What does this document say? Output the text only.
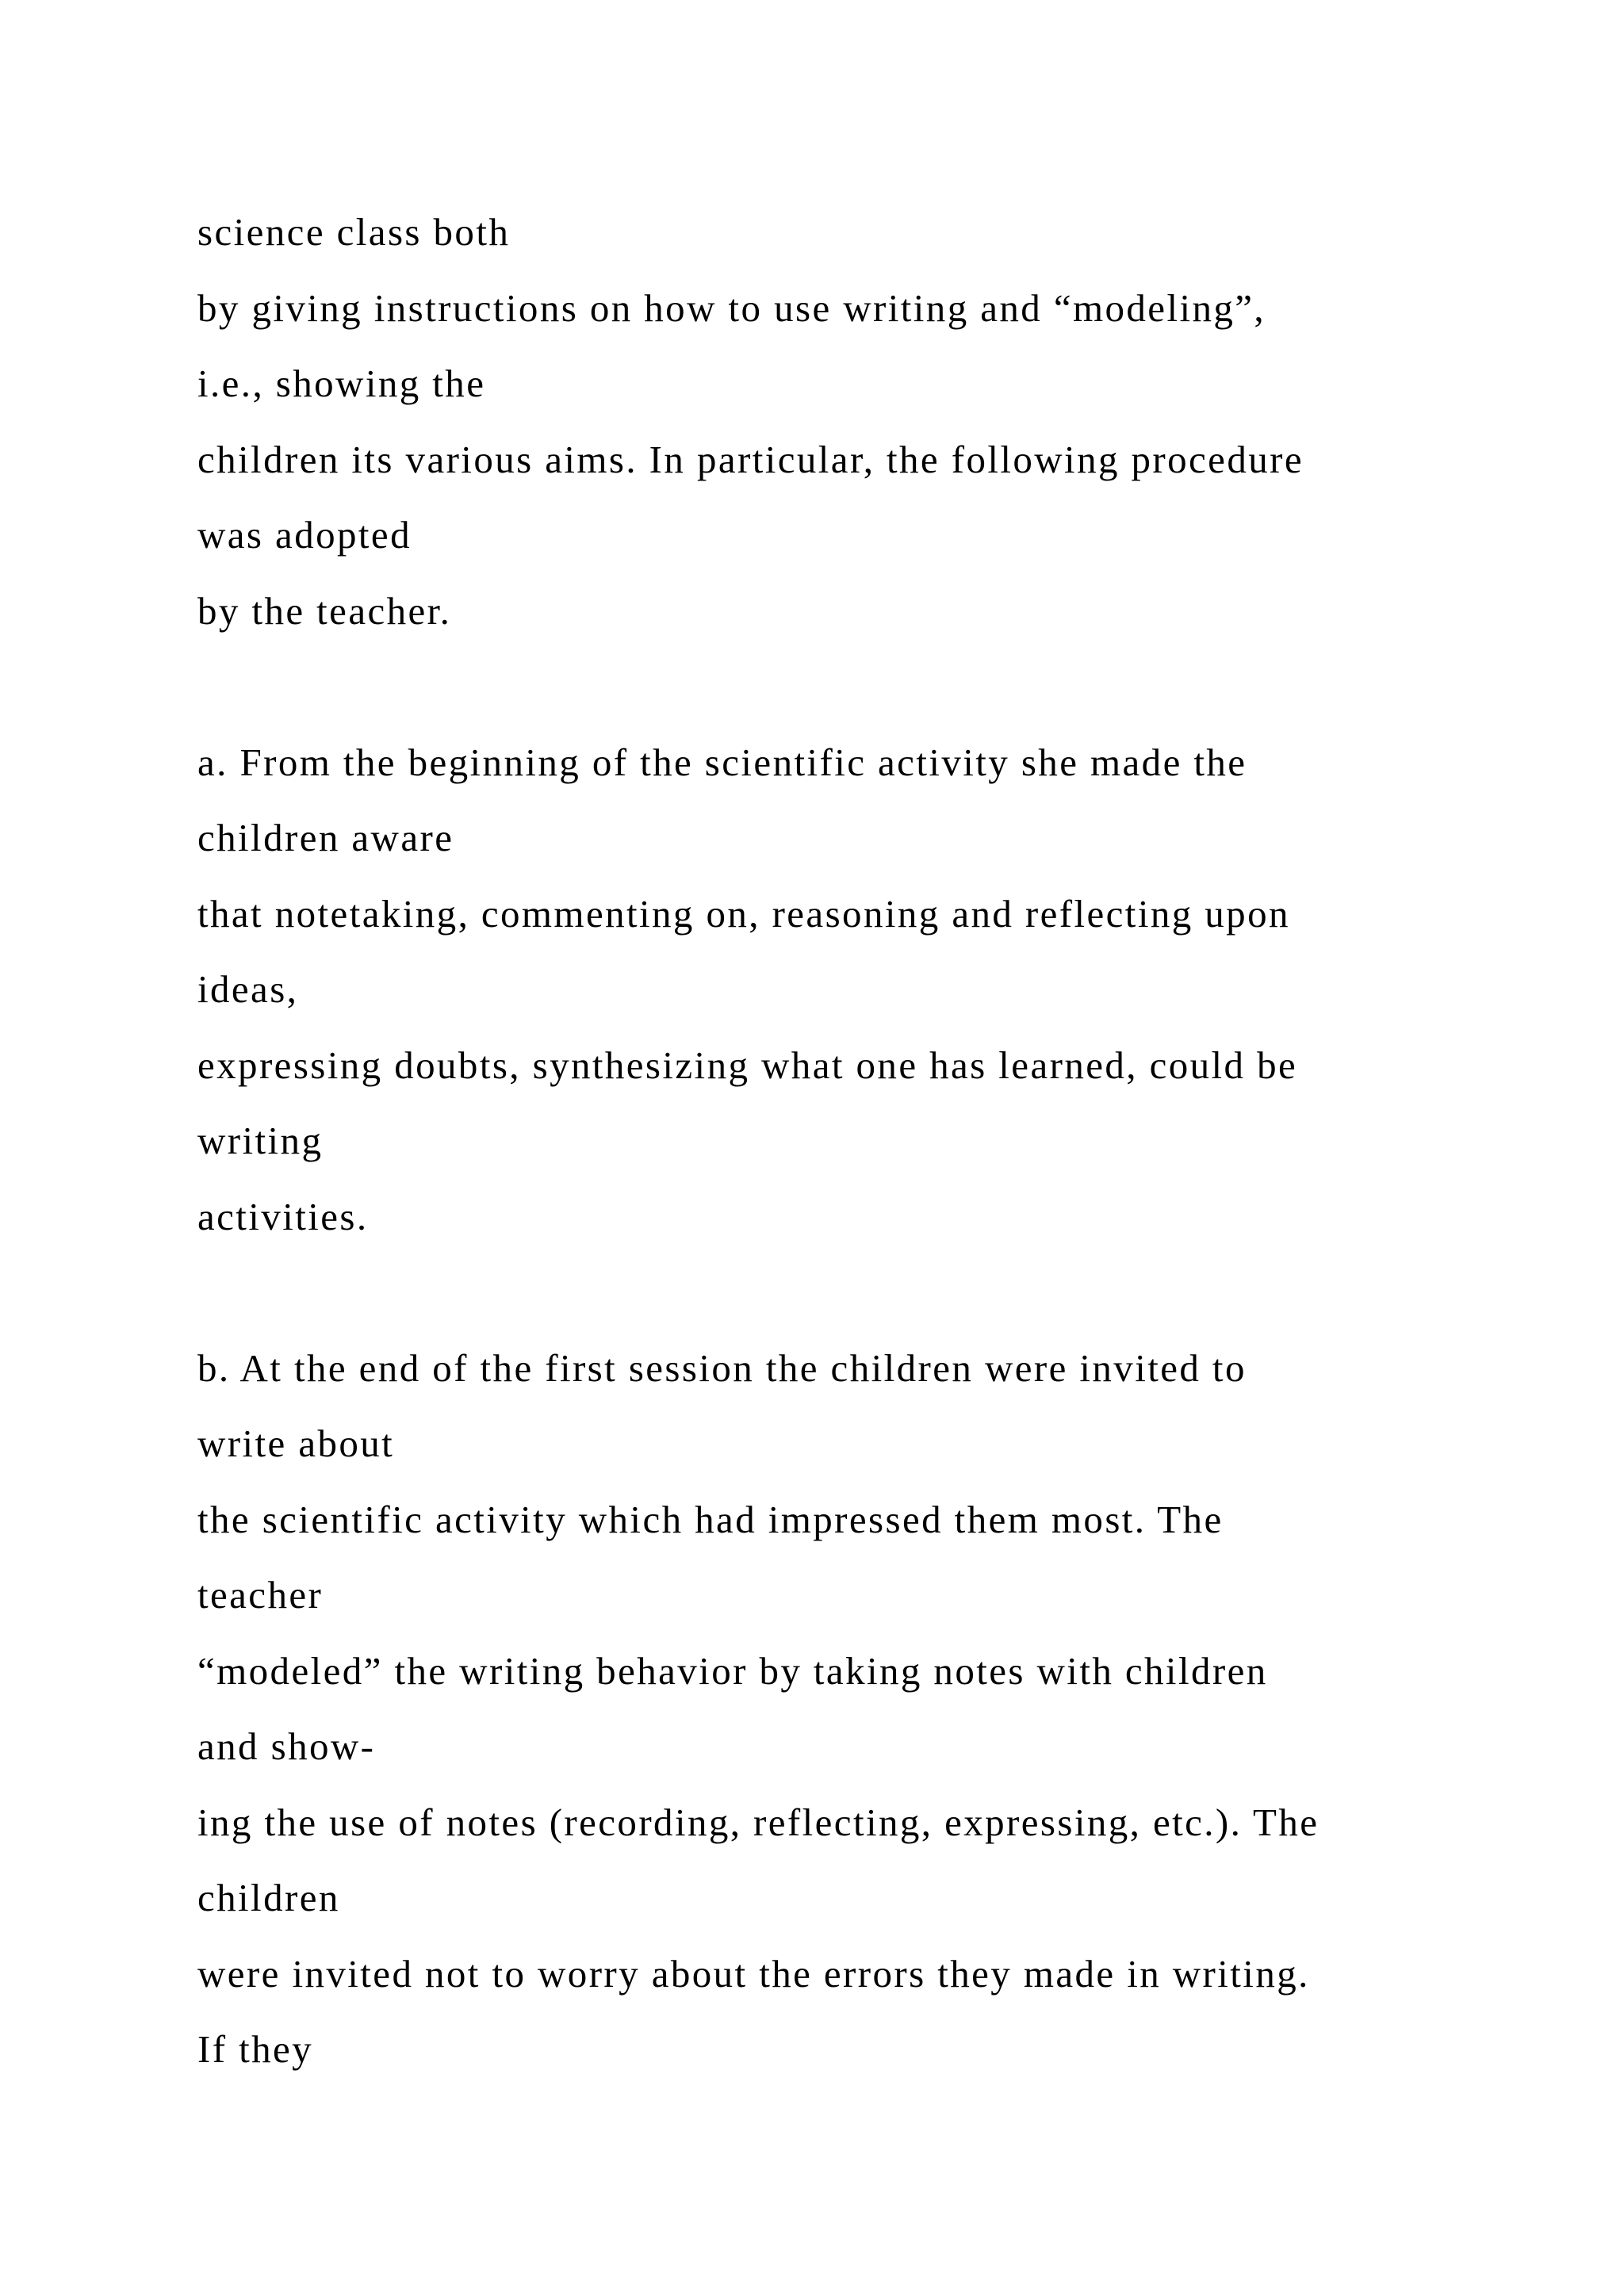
science class both
by giving instructions on how to use writing and “modeling”,
i.e., showing the
children its various aims. In particular, the following procedure
was adopted
by the teacher.
a. From the beginning of the scientific activity she made the
children aware
that notetaking, commenting on, reasoning and reflecting upon
ideas,
expressing doubts, synthesizing what one has learned, could be
writing
activities.
b. At the end of the first session the children were invited to
write about
the scientific activity which had impressed them most. The
teacher
“modeled” the writing behavior by taking notes with children
and show-
ing the use of notes (recording, reflecting, expressing, etc.). The
children
were invited not to worry about the errors they made in writing.
If they
